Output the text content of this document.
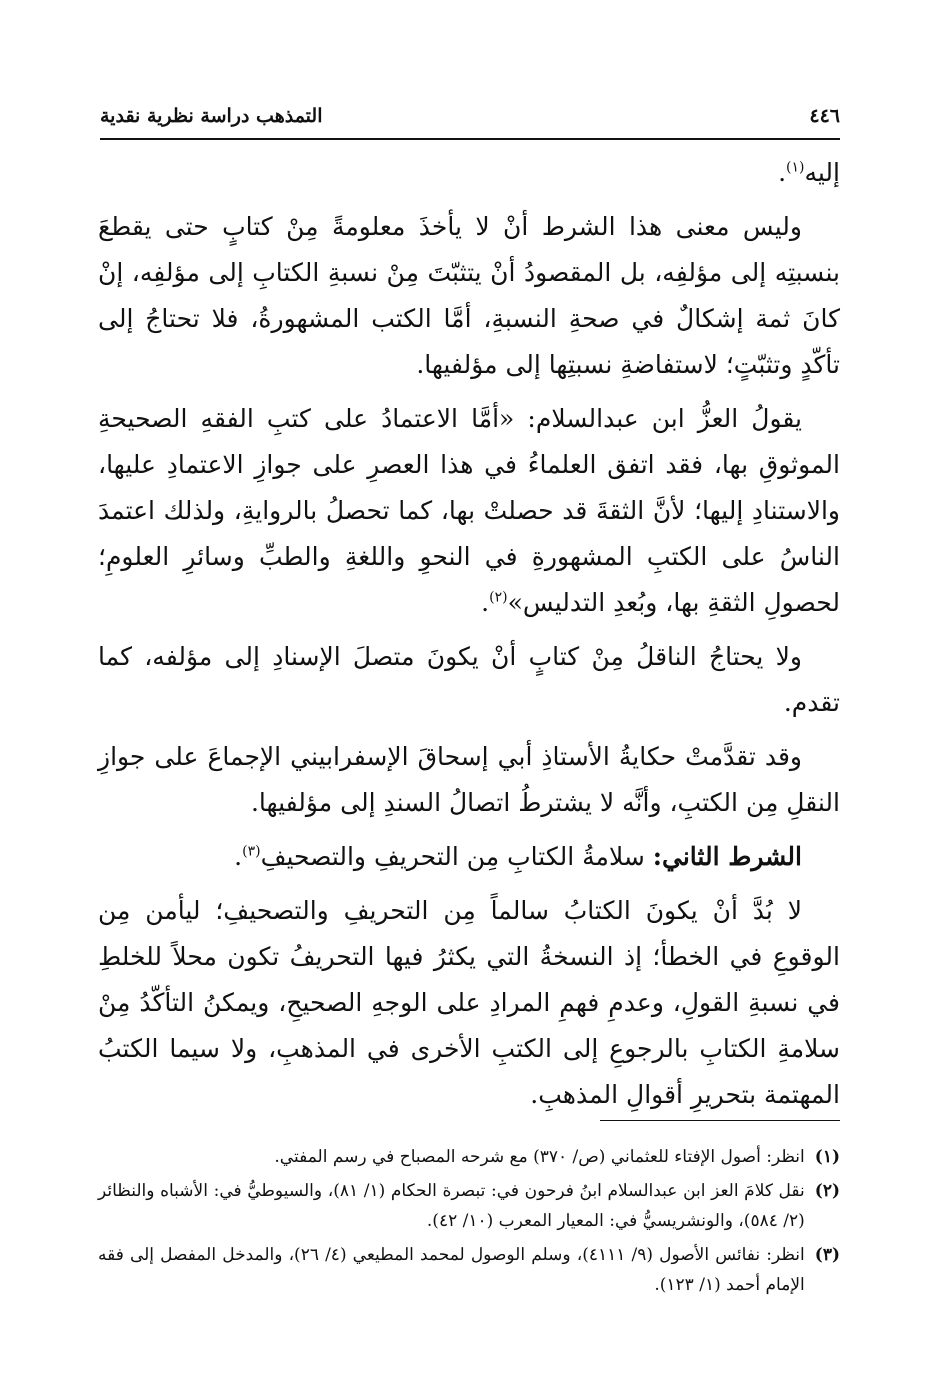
٤٤٦
التمذهب دراسة نظرية نقدية

إليه$^{(١)}$.

وليس معنى هذا الشرط أنْ لا يأخذَ معلومةً مِنْ كتابٍ حتى يقطعَ بنسبتِه إلى مؤلفِه، بل المقصودُ أنْ يتثبّتَ مِنْ نسبةِ الكتابِ إلى مؤلفِه، إنْ كانَ ثمة إشكالٌ في صحةِ النسبةِ، أمَّا الكتب المشهورةُ، فلا تحتاجُ إلى تأكّدٍ وتثبّتٍ؛ لاستفاضةِ نسبتِها إلى مؤلفيها.

يقولُ العزُّ ابن عبدالسلام: «أمَّا الاعتمادُ على كتبِ الفقهِ الصحيحةِ الموثوقِ بها، فقد اتفق العلماءُ في هذا العصرِ على جوازِ الاعتمادِ عليها، والاستنادِ إليها؛ لأنَّ الثقةَ قد حصلتْ بها، كما تحصلُ بالروايةِ، ولذلك اعتمدَ الناسُ على الكتبِ المشهورةِ في النحوِ واللغةِ والطبِّ وسائرِ العلومِ؛ لحصولِ الثقةِ بها، وبُعدِ التدليس»$^{(٢)}$.

ولا يحتاجُ الناقلُ مِنْ كتابٍ أنْ يكونَ متصلَ الإسنادِ إلى مؤلفه، كما تقدم.

وقد تقدَّمتْ حكايةُ الأستاذِ أبي إسحاقَ الإسفرابيني الإجماعَ على جوازِ النقلِ مِن الكتبِ، وأنَّه لا يشترطُ اتصالُ السندِ إلى مؤلفيها.

الشرط الثاني: سلامةُ الكتابِ مِن التحريفِ والتصحيفِ$^{(٣)}$.

لا بُدَّ أنْ يكونَ الكتابُ سالماً مِن التحريفِ والتصحيفِ؛ ليأمن مِن الوقوعِ في الخطأ؛ إذ النسخةُ التي يكثرُ فيها التحريفُ تكون محلاً للخلطِ في نسبةِ القولِ، وعدمِ فهمِ المرادِ على الوجهِ الصحيحِ، ويمكنُ التأكّدُ مِنْ سلامةِ الكتابِ بالرجوعِ إلى الكتبِ الأخرى في المذهبِ، ولا سيما الكتبُ المهتمة بتحريرِ أقوالِ المذهبِ.

(١)
انظر: أصول الإفتاء للعثماني (ص/ ٣٧٠) مع شرحه المصباح في رسم المفتي.
(٢)
نقل كلامَ العز ابن عبدالسلام ابنُ فرحون في: تبصرة الحكام (١/ ٨١)، والسيوطيُّ في: الأشباه والنظائر (٢/ ٥٨٤)، والونشريسيُّ في: المعيار المعرب (١٠/ ٤٢).
(٣)
انظر: نفائس الأصول (٩/ ٤١١١)، وسلم الوصول لمحمد المطيعي (٤/ ٢٦)، والمدخل المفصل إلى فقه الإمام أحمد (١/ ١٢٣).
